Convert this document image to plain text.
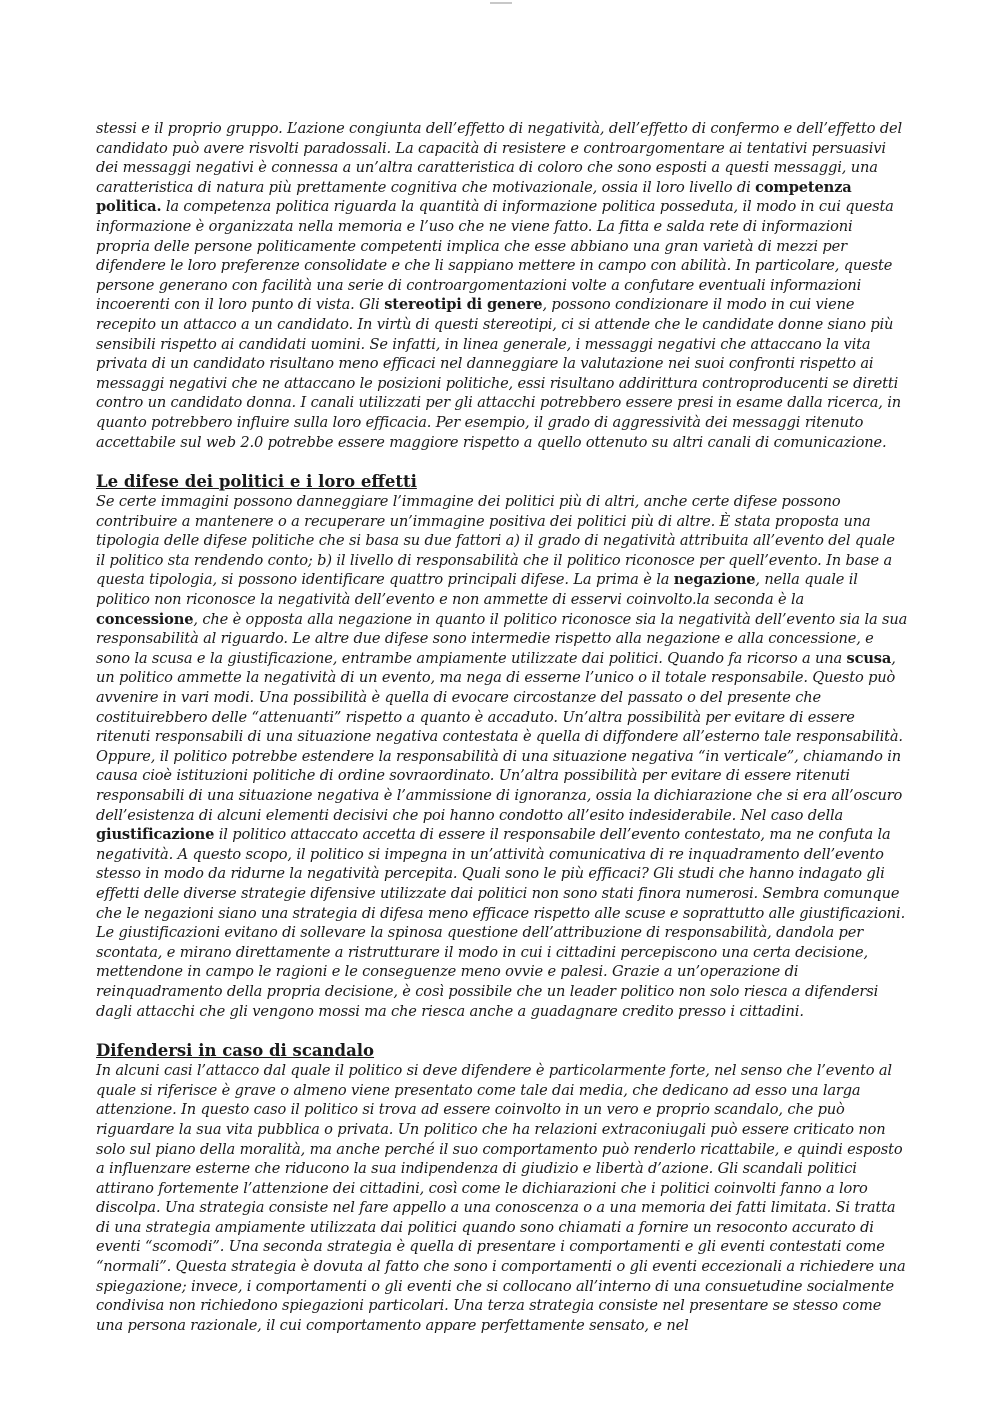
stessi e il proprio gruppo. L’azione congiunta dell’effetto di negatività, dell’effetto di confermo e dell’effetto del candidato può avere risvolti paradossali. La capacità di resistere e controargomentare ai tentativi persuasivi dei messaggi negativi è connessa a un’altra caratteristica di coloro che sono esposti a questi messaggi, una caratteristica di natura più prettamente cognitiva che motivazionale, ossia il loro livello di competenza politica. la competenza politica riguarda la quantità di informazione politica posseduta, il modo in cui questa informazione è organizzata nella memoria e l’uso che ne viene fatto. La fitta e salda rete di informazioni propria delle persone politicamente competenti implica che esse abbiano una gran varietà di mezzi per difendere le loro preferenze consolidate e che li sappiano mettere in campo con abilità. In particolare, queste persone generano con facilità una serie di controargomentazioni volte a confutare eventuali informazioni incoerenti con il loro punto di vista. Gli stereotipi di genere, possono condizionare il modo in cui viene recepito un attacco a un candidato. In virtù di questi stereotipi, ci si attende che le candidate donne siano più sensibili rispetto ai candidati uomini. Se infatti, in linea generale, i messaggi negativi che attaccano la vita privata di un candidato risultano meno efficaci nel danneggiare la valutazione nei suoi confronti rispetto ai messaggi negativi che ne attaccano le posizioni politiche, essi risultano addirittura controproducenti se diretti contro un candidato donna. I canali utilizzati per gli attacchi potrebbero essere presi in esame dalla ricerca, in quanto potrebbero influire sulla loro efficacia. Per esempio, il grado di aggressività dei messaggi ritenuto accettabile sul web 2.0 potrebbe essere maggiore rispetto a quello ottenuto su altri canali di comunicazione.

Le difese dei politici e i loro effetti

Se certe immagini possono danneggiare l’immagine dei politici più di altri, anche certe difese possono contribuire a mantenere o a recuperare un’immagine positiva dei politici più di altre. È stata proposta una tipologia delle difese politiche che si basa su due fattori a) il grado di negatività attribuita all’evento del quale il politico sta rendendo conto; b) il livello di responsabilità che il politico riconosce per quell’evento. In base a questa tipologia, si possono identificare quattro principali difese. La prima è la negazione, nella quale il politico non riconosce la negatività dell’evento e non ammette di esservi coinvolto.la seconda è la concessione, che è opposta alla negazione in quanto il politico riconosce sia la negatività dell’evento sia la sua responsabilità al riguardo. Le altre due difese sono intermedie rispetto alla negazione e alla concessione, e sono la scusa e la giustificazione, entrambe ampiamente utilizzate dai politici. Quando fa ricorso a una scusa, un politico ammette la negatività di un evento, ma nega di esserne l’unico o il totale responsabile. Questo può avvenire in vari modi. Una possibilità è quella di evocare circostanze del passato o del presente che costituirebbero delle “attenuanti” rispetto a quanto è accaduto. Un’altra possibilità per evitare di essere ritenuti responsabili di una situazione negativa contestata è quella di diffondere all’esterno tale responsabilità. Oppure, il politico potrebbe estendere la responsabilità di una situazione negativa “in verticale”, chiamando in causa cioè istituzioni politiche di ordine sovraordinato. Un’altra possibilità per evitare di essere ritenuti responsabili di una situazione negativa è l’ammissione di ignoranza, ossia la dichiarazione che si era all’oscuro dell’esistenza di alcuni elementi decisivi che poi hanno condotto all’esito indesiderabile. Nel caso della giustificazione il politico attaccato accetta di essere il responsabile dell’evento contestato, ma ne confuta la negatività. A questo scopo, il politico si impegna in un’attività comunicativa di re inquadramento dell’evento stesso in modo da ridurne la negatività percepita. Quali sono le più efficaci? Gli studi che hanno indagato gli effetti delle diverse strategie difensive utilizzate dai politici non sono stati finora numerosi. Sembra comunque che le negazioni siano una strategia di difesa meno efficace rispetto alle scuse e soprattutto alle giustificazioni. Le giustificazioni evitano di sollevare la spinosa questione dell’attribuzione di responsabilità, dandola per scontata, e mirano direttamente a ristrutturare il modo in cui i cittadini percepiscono una certa decisione, mettendone in campo le ragioni e le conseguenze meno ovvie e palesi. Grazie a un’operazione di reinquadramento della propria decisione, è così possibile che un leader politico non solo riesca a difendersi dagli attacchi che gli vengono mossi ma che riesca anche a guadagnare credito presso i cittadini.

Difendersi in caso di scandalo

In alcuni casi l’attacco dal quale il politico si deve difendere è particolarmente forte, nel senso che l’evento al quale si riferisce è grave o almeno viene presentato come tale dai media, che dedicano ad esso una larga attenzione. In questo caso il politico si trova ad essere coinvolto in un vero e proprio scandalo, che può riguardare la sua vita pubblica o privata. Un politico che ha relazioni extraconiugali può essere criticato non solo sul piano della moralità, ma anche perché il suo comportamento può renderlo ricattabile, e quindi esposto a influenzare esterne che riducono la sua indipendenza di giudizio e libertà d’azione. Gli scandali politici attirano fortemente l’attenzione dei cittadini, così come le dichiarazioni che i politici coinvolti fanno a loro discolpa. Una strategia consiste nel fare appello a una conoscenza o a una memoria dei fatti limitata. Si tratta di una strategia ampiamente utilizzata dai politici quando sono chiamati a fornire un resoconto accurato di eventi “scomodi”. Una seconda strategia è quella di presentare i comportamenti e gli eventi contestati come “normali”. Questa strategia è dovuta al fatto che sono i comportamenti o gli eventi eccezionali a richiedere una spiegazione; invece, i comportamenti o gli eventi che si collocano all’interno di una consuetudine socialmente condivisa non richiedono spiegazioni particolari. Una terza strategia consiste nel presentare se stesso come una persona razionale, il cui comportamento appare perfettamente sensato, e nel
